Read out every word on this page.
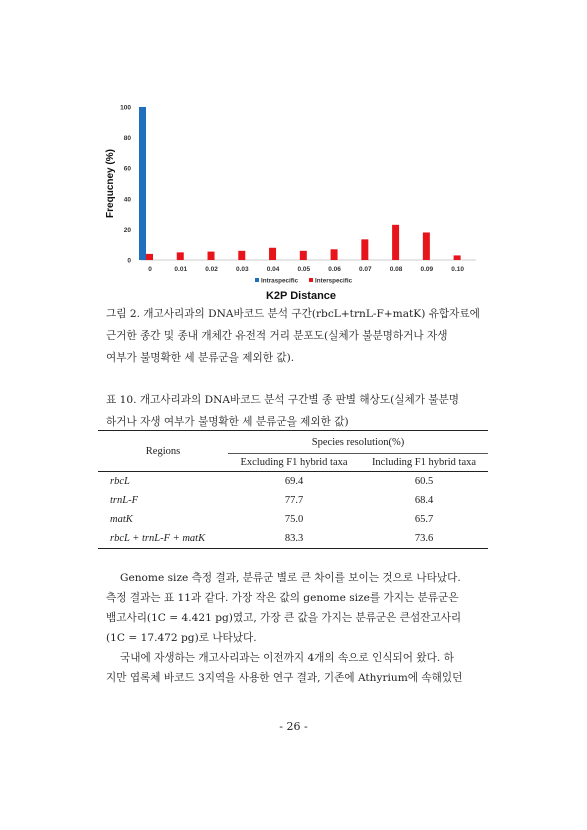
0
20
40
60
80
100
0	0.01	0.02	0.03	0.04	0.05	0.06	0.07	0.08	0.09	0.10
Frequcney (%)
K2P Distance
Intraspecific	Interspecific
그림 2. 개고사리과의 DNA바코드 분석 구간(rbcL+trnL-F+matK) 유합자료에
근거한 종간 및 종내 개체간 유전적 거리 분포도(실체가 불분명하거나 자생
여부가 불명확한 세 분류군을 제외한 값).
표 10. 개고사리과의 DNA바코드 분석 구간별 종 판별 해상도(실체가 불분명
하거나 자생 여부가 불명확한 세 분류군을 제외한 값)
Regions	Species resolution(%)	
	Excluding F1 hybrid taxa	Including F1 hybrid taxa
rbcL	69.4	60.5
trnL-F	77.7	68.4
matK	75.0	65.7
rbcL + trnL-F + matK	83.3	73.6
Genome size 측정 결과, 분류군 별로 큰 차이를 보이는 것으로 나타났다.
측정 결과는 표 11과 같다. 가장 작은 값의 genome size를 가지는 분류군은
뱀고사리(1C = 4.421 pg)였고, 가장 큰 값을 가지는 분류군은 큰섬잔고사리
(1C = 17.472 pg)로 나타났다.
국내에 자생하는 개고사리과는 이전까지 4개의 속으로 인식되어 왔다. 하
지만 엽록체 바코드 3지역을 사용한 연구 결과, 기존에 Athyrium에 속해있던
- 26 -
